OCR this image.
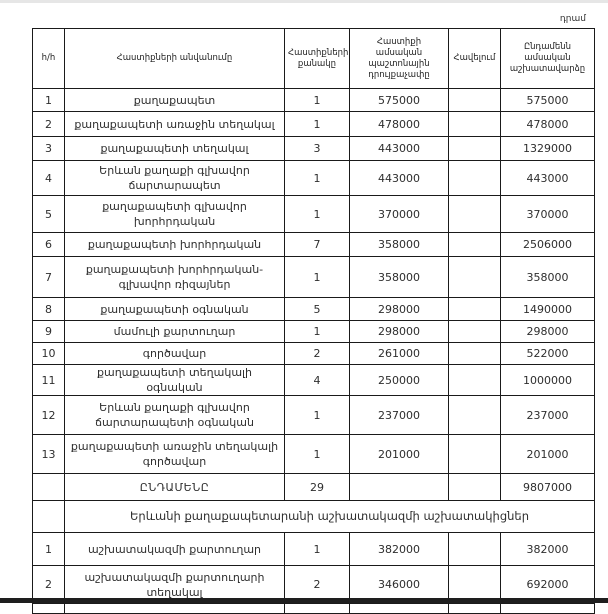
դրամ
հ/հ	Հաստիքների անվանումը	Հաստիքների քանակը	Հաստիքի ամսական պաշտոնային դրույքաչափը	Հավելում	Ընդամենն ամսական աշխատավարձը
1	քաղաքապետ	1	575000		575000
2	քաղաքապետի առաջին տեղակալ	1	478000		478000
3	քաղաքապետի տեղակալ	3	443000		1329000
4	Երևան քաղաքի գլխավոր ճարտարապետ	1	443000		443000
5	քաղաքապետի գլխավոր խորհրդական	1	370000		370000
6	քաղաքապետի խորհրդական	7	358000		2506000
7	քաղաքապետի խորհրդական-գլխավոր ռիզայներ	1	358000		358000
8	քաղաքապետի օգնական	5	298000		1490000
9	մամուլի քարտուղար	1	298000		298000
10	գործավար	2	261000		522000
11	քաղաքապետի տեղակալի օգնական	4	250000		1000000
12	Երևան քաղաքի գլխավոր ճարտարապետի օգնական	1	237000		237000
13	քաղաքապետի առաջին տեղակալի գործավար	1	201000		201000
	ԸՆԴԱՄԵՆԸ	29			9807000
	Երևանի քաղաքապետարանի աշխատակազմի աշխատակիցներ				
1	աշխատակազմի քարտուղար	1	382000		382000
2	աշխատակազմի քարտուղարի տեղակալ	2	346000		692000
